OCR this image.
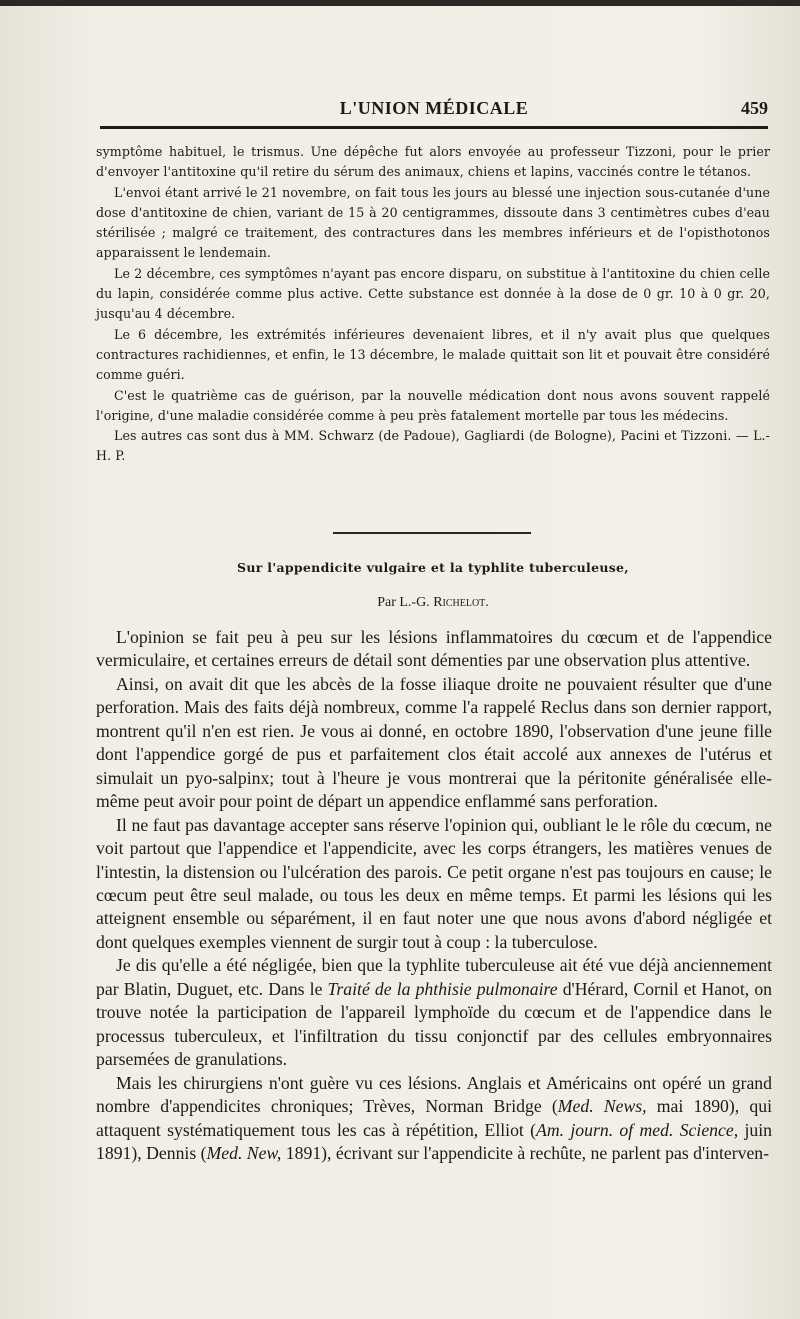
L'UNION MÉDICALE	459

symptôme habituel, le trismus. Une dépêche fut alors envoyée au professeur Tizzoni, pour le prier d'envoyer l'antitoxine qu'il retire du sérum des animaux, chiens et lapins, vaccinés contre le tétanos.

L'envoi étant arrivé le 21 novembre, on fait tous les jours au blessé une injection sous-cutanée d'une dose d'antitoxine de chien, variant de 15 à 20 centigrammes, dissoute dans 3 centimètres cubes d'eau stérilisée ; malgré ce traitement, des contractures dans les membres inférieurs et de l'opisthotonos apparaissent le lendemain.

Le 2 décembre, ces symptômes n'ayant pas encore disparu, on substitue à l'antitoxine du chien celle du lapin, considérée comme plus active. Cette substance est donnée à la dose de 0 gr. 10 à 0 gr. 20, jusqu'au 4 décembre.

Le 6 décembre, les extrémités inférieures devenaient libres, et il n'y avait plus que quelques contractures rachidiennes, et enfin, le 13 décembre, le malade quittait son lit et pouvait être considéré comme guéri.

C'est le quatrième cas de guérison, par la nouvelle médication dont nous avons souvent rappelé l'origine, d'une maladie considérée comme à peu près fatalement mortelle par tous les médecins.

Les autres cas sont dus à MM. Schwarz (de Padoue), Gagliardi (de Bologne), Pacini et Tizzoni. — L.-H. P.

Sur l'appendicite vulgaire et la typhlite tuberculeuse,
Par L.-G. Richelot.

L'opinion se fait peu à peu sur les lésions inflammatoires du cœcum et de l'appendice vermiculaire, et certaines erreurs de détail sont démenties par une observation plus attentive.

Ainsi, on avait dit que les abcès de la fosse iliaque droite ne pouvaient résulter que d'une perforation. Mais des faits déjà nombreux, comme l'a rappelé Reclus dans son dernier rapport, montrent qu'il n'en est rien. Je vous ai donné, en octobre 1890, l'observation d'une jeune fille dont l'appendice gorgé de pus et parfaitement clos était accolé aux annexes de l'utérus et simulait un pyo-salpinx; tout à l'heure je vous montrerai que la péritonite généralisée elle-même peut avoir pour point de départ un appendice enflammé sans perforation.

Il ne faut pas davantage accepter sans réserve l'opinion qui, oubliant le le rôle du cœcum, ne voit partout que l'appendice et l'appendicite, avec les corps étrangers, les matières venues de l'intestin, la distension ou l'ulcération des parois. Ce petit organe n'est pas toujours en cause; le cœcum peut être seul malade, ou tous les deux en même temps. Et parmi les lésions qui les atteignent ensemble ou séparément, il en faut noter une que nous avons d'abord négligée et dont quelques exemples viennent de surgir tout à coup : la tuberculose.

Je dis qu'elle a été négligée, bien que la typhlite tuberculeuse ait été vue déjà anciennement par Blatin, Duguet, etc. Dans le Traité de la phthisie pulmonaire d'Hérard, Cornil et Hanot, on trouve notée la participation de l'appareil lymphoïde du cœcum et de l'appendice dans le processus tuberculeux, et l'infiltration du tissu conjonctif par des cellules embryonnaires parsemées de granulations.

Mais les chirurgiens n'ont guère vu ces lésions. Anglais et Américains ont opéré un grand nombre d'appendicites chroniques; Trèves, Norman Bridge (Med. News, mai 1890), qui attaquent systématiquement tous les cas à répétition, Elliot (Am. journ. of med. Science, juin 1891), Dennis (Med. New, 1891), écrivant sur l'appendicite à rechûte, ne parlent pas d'interven-
